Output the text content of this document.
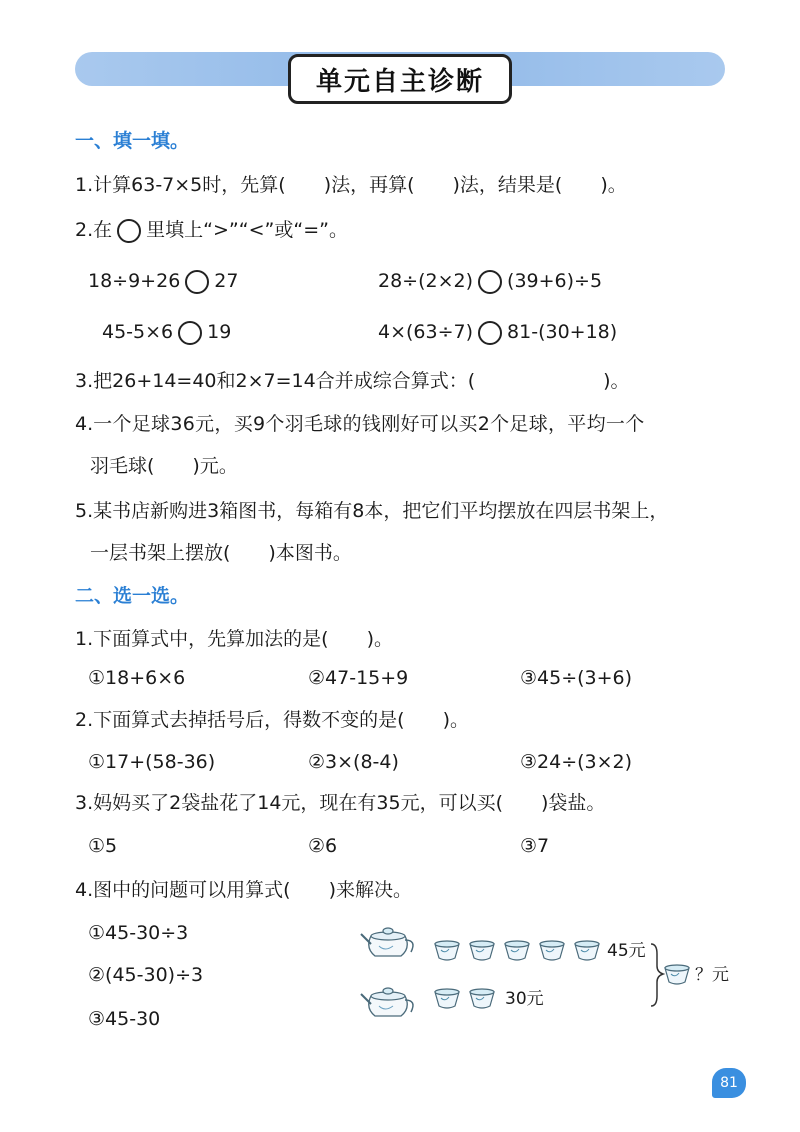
单元自主诊断
一、填一填。
1.计算63-7×5时，先算( )法，再算( )法，结果是( )。
2.在 里填上“>”“<”或“=”。
18÷9+26 27	28÷(2×2) (39+6)÷5
45-5×6 19	4×(63÷7) 81-(30+18)
3.把26+14=40和2×7=14合并成综合算式：(	)。
4.一个足球36元，买9个羽毛球的钱刚好可以买2个足球，平均一个
羽毛球( )元。
5.某书店新购进3箱图书，每箱有8本，把它们平均摆放在四层书架上，
一层书架上摆放( )本图书。
二、选一选。
1.下面算式中，先算加法的是( )。
①18+6×6	②47-15+9	③45÷(3+6)
2.下面算式去掉括号后，得数不变的是( )。
①17+(58-36)	②3×(8-4)	③24÷(3×2)
3.妈妈买了2袋盐花了14元，现在有35元，可以买( )袋盐。
①5	②6	③7
4.图中的问题可以用算式( )来解决。
①45-30÷3
②(45-30)÷3
③45-30
45元
30元
？元
81
